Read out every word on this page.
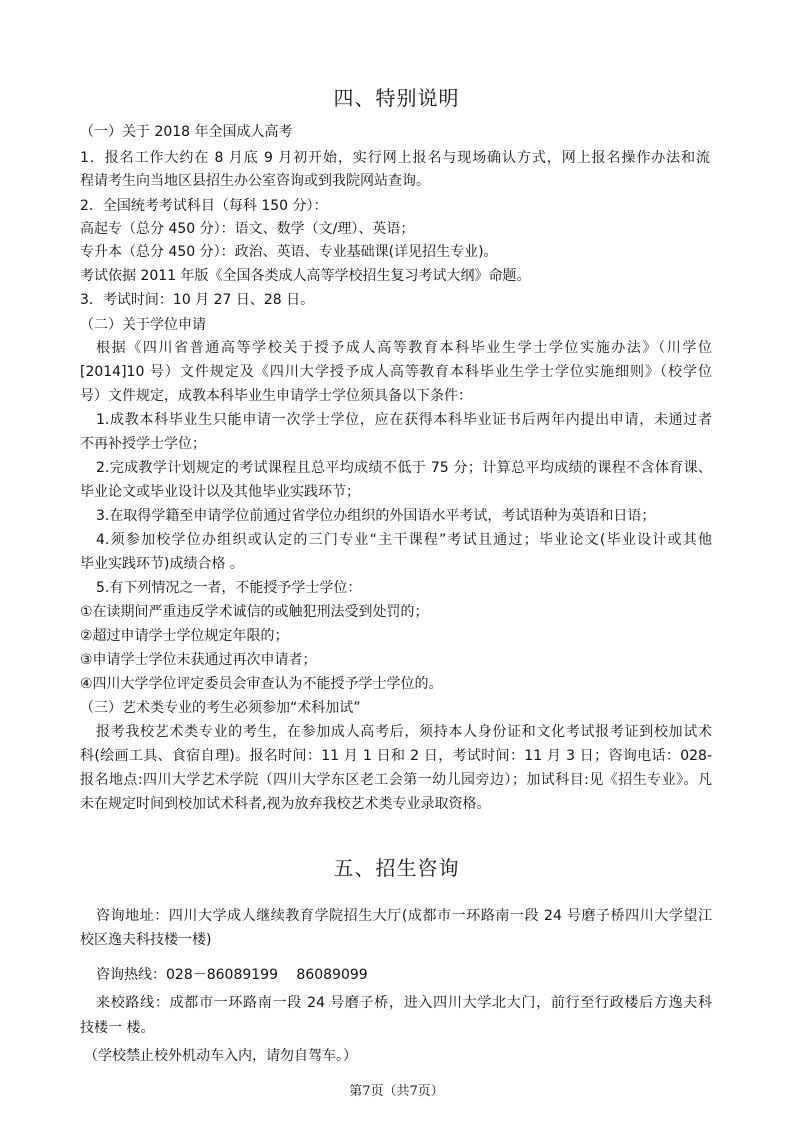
四、特别说明
（一）关于 2018 年全国成人高考
1．报名工作大约在 8 月底 9 月初开始，实行网上报名与现场确认方式，网上报名操作办法和流
程请考生向当地区县招生办公室咨询或到我院网站查询。
2．全国统考考试科目（每科 150 分）：
高起专（总分 450 分）：语文、数学（文/理）、英语；
专升本（总分 450 分）：政治、英语、专业基础课(详见招生专业)。
考试依据 2011 年版《全国各类成人高等学校招生复习考试大纲》命题。
3．考试时间：10 月 27 日、28 日。
（二）关于学位申请
根据《四川省普通高等学校关于授予成人高等教育本科毕业生学士学位实施办法》（川学位
[2014]10 号）文件规定及《四川大学授予成人高等教育本科毕业生学士学位实施细则》（校学位
号）文件规定，成教本科毕业生申请学士学位须具备以下条件：
1.成教本科毕业生只能申请一次学士学位，应在获得本科毕业证书后两年内提出申请，未通过者
不再补授学士学位；
2.完成教学计划规定的考试课程且总平均成绩不低于 75 分；计算总平均成绩的课程不含体育课、
毕业论文或毕业设计以及其他毕业实践环节；
3.在取得学籍至申请学位前通过省学位办组织的外国语水平考试，考试语种为英语和日语；
4.须参加校学位办组织或认定的三门专业“主干课程”考试且通过；毕业论文(毕业设计或其他
毕业实践环节)成绩合格 。
5.有下列情况之一者，不能授予学士学位：
①在读期间严重违反学术诚信的或触犯刑法受到处罚的；
②超过申请学士学位规定年限的；
③申请学士学位未获通过再次申请者；
④四川大学学位评定委员会审查认为不能授予学士学位的。
（三）艺术类专业的考生必须参加“术科加试”
报考我校艺术类专业的考生，在参加成人高考后，须持本人身份证和文化考试报考证到校加试术
科(绘画工具、食宿自理)。报名时间：11 月 1 日和 2 日，考试时间：11 月 3 日；咨询电话：028-
报名地点:四川大学艺术学院（四川大学东区老工会第一幼儿园旁边）；加试科目:见《招生专业》。凡
未在规定时间到校加试术科者,视为放弃我校艺术类专业录取资格。
五、招生咨询
咨询地址：四川大学成人继续教育学院招生大厅(成都市一环路南一段 24 号磨子桥四川大学望江
校区逸夫科技楼一楼)
咨询热线：028－86089199　 86089099
来校路线：成都市一环路南一段 24 号磨子桥，进入四川大学北大门，前行至行政楼后方逸夫科
技楼一 楼。
（学校禁止校外机动车入内，请勿自驾车。）
第7页（共7页）
